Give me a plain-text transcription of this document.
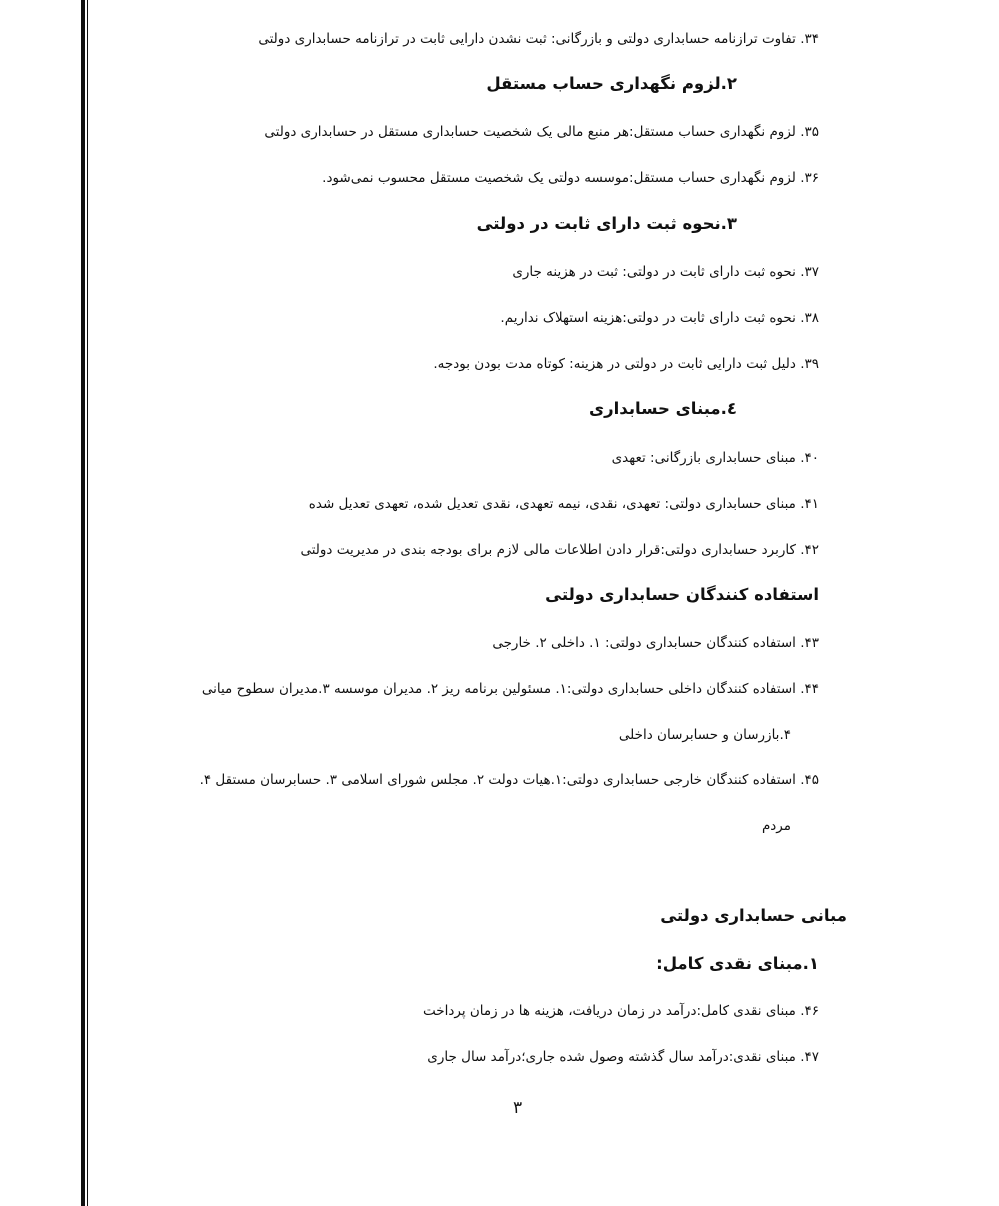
۳۴. تفاوت ترازنامه حسابداری دولتی و بازرگانی: ثبت نشدن دارایی ثابت در ترازنامه حسابداری دولتی
۲.لزوم نگهداری حساب مستقل
۳۵. لزوم نگهداری حساب مستقل:هر منبع مالی یک شخصیت حسابداری مستقل در حسابداری دولتی
۳۶. لزوم نگهداری حساب مستقل:موسسه دولتی یک شخصیت مستقل محسوب نمی‌شود.
۳.نحوه ثبت دارای ثابت در دولتی
۳۷. نحوه ثبت دارای ثابت در دولتی: ثبت در هزینه جاری
۳۸. نحوه ثبت دارای ثابت در دولتی:هزینه استهلاک نداریم.
۳۹. دلیل ثبت دارایی ثابت در دولتی در هزینه: کوتاه مدت بودن بودجه.
٤.مبنای حسابداری
۴۰. مبنای حسابداری بازرگانی: تعهدی
۴۱. مبنای حسابداری دولتی: تعهدی، نقدی، نیمه تعهدی، نقدی تعدیل شده، تعهدی تعدیل شده
۴۲. کاربرد حسابداری دولتی:قرار دادن اطلاعات مالی لازم برای بودجه بندی در مدیریت دولتی
استفاده کنندگان حسابداری دولتی
۴۳. استفاده کنندگان حسابداری دولتی: ۱. داخلی ۲. خارجی
۴۴. استفاده کنندگان داخلی حسابداری دولتی:۱. مسئولین برنامه ریز ۲. مدیران موسسه ۳.مدیران سطوح میانی
۴.بازرسان و حسابرسان داخلی
۴۵. استفاده کنندگان خارجی حسابداری دولتی:۱.هیات دولت ۲. مجلس شورای اسلامی ۳. حسابرسان مستقل ۴.
مردم
مبانی حسابداری دولتی
۱.مبنای نقدی کامل:
۴۶. مبنای نقدی کامل:درآمد در زمان دریافت، هزینه ها در زمان پرداخت
۴۷. مبنای نقدی:درآمد سال گذشته وصول شده جاری؛درآمد سال جاری
۳
